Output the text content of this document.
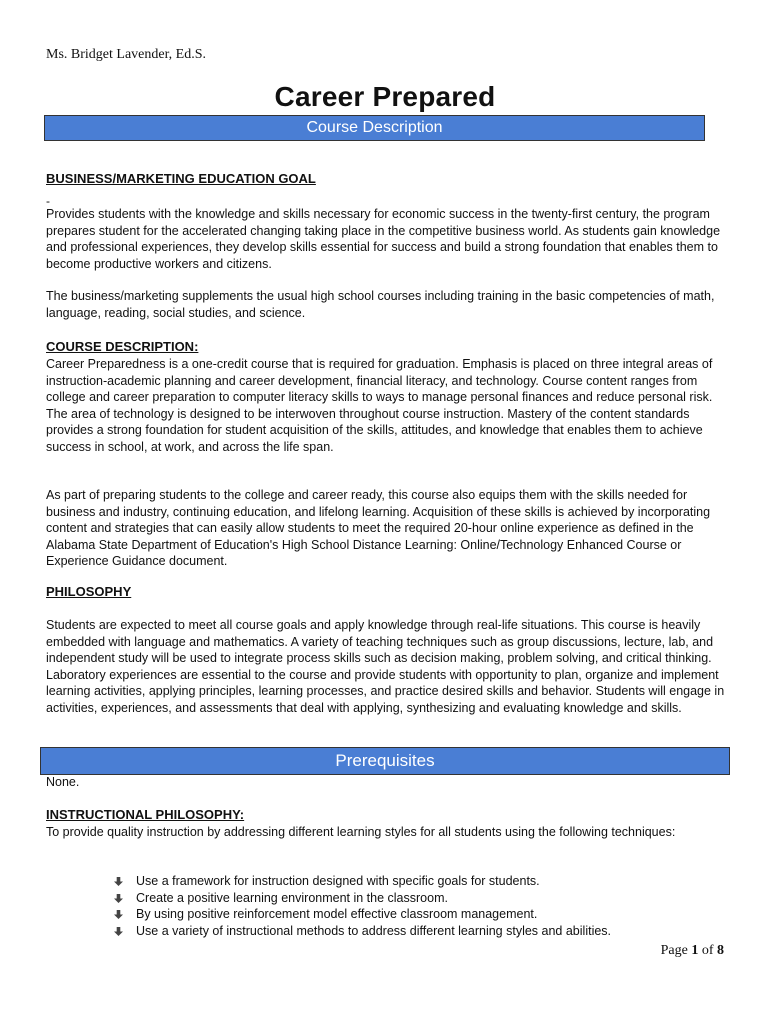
Ms. Bridget Lavender, Ed.S.
Career Prepared
Course Description
BUSINESS/MARKETING EDUCATION GOAL
-
Provides students with the knowledge and skills necessary for economic success in the twenty-first century, the program prepares student for the accelerated changing taking place in the competitive business world. As students gain knowledge and professional experiences, they develop skills essential for success and build a strong foundation that enables them to become productive workers and citizens.
The business/marketing supplements the usual high school courses including training in the basic competencies of math, language, reading, social studies, and science.
COURSE DESCRIPTION:
Career Preparedness is a one-credit course that is required for graduation. Emphasis is placed on three integral areas of instruction-academic planning and career development, financial literacy, and technology. Course content ranges from college and career preparation to computer literacy skills to ways to manage personal finances and reduce personal risk. The area of technology is designed to be interwoven throughout course instruction. Mastery of the content standards provides a strong foundation for student acquisition of the skills, attitudes, and knowledge that enables them to achieve success in school, at work, and across the life span.
As part of preparing students to the college and career ready, this course also equips them with the skills needed for business and industry, continuing education, and lifelong learning. Acquisition of these skills is achieved by incorporating content and strategies that can easily allow students to meet the required 20-hour online experience as defined in the Alabama State Department of Education's High School Distance Learning: Online/Technology Enhanced Course or Experience Guidance document.
PHILOSOPHY
Students are expected to meet all course goals and apply knowledge through real-life situations. This course is heavily embedded with language and mathematics. A variety of teaching techniques such as group discussions, lecture, lab, and independent study will be used to integrate process skills such as decision making, problem solving, and critical thinking. Laboratory experiences are essential to the course and provide students with opportunity to plan, organize and implement learning activities, applying principles, learning processes, and practice desired skills and behavior. Students will engage in activities, experiences, and assessments that deal with applying, synthesizing and evaluating knowledge and skills.
Prerequisites
None.
INSTRUCTIONAL PHILOSOPHY:
To provide quality instruction by addressing different learning styles for all students using the following techniques:
Use a framework for instruction designed with specific goals for students.
Create a positive learning environment in the classroom.
By using positive reinforcement model effective classroom management.
Use a variety of instructional methods to address different learning styles and abilities.
Page 1 of 8
